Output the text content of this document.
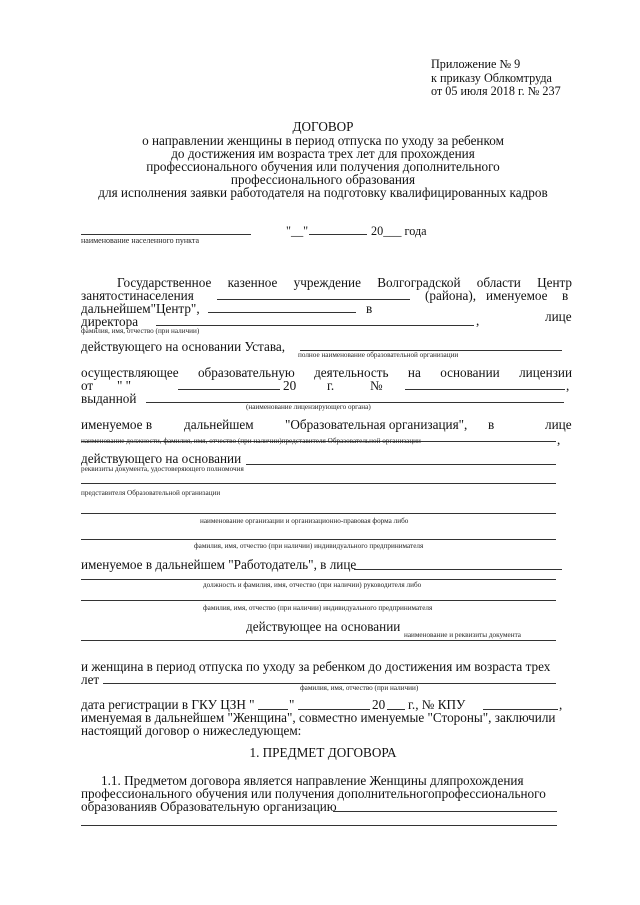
Приложение № 9
к приказу Облкомтруда
от 05 июля 2018 г. № 237
ДОГОВОР
о направлении женщины в период отпуска по уходу за ребенком
до достижения им возраста трех лет для прохождения
профессионального обучения или получения дополнительного
профессионального образования
для исполнения заявки работодателя на подготовку квалифицированных кадров
"__"	20___ года
наименование населенного пункта
Государственное казенное учреждение Волгоградской области Центр
занятостинаселения	(района), именуемое в
дальнейшем"Центр",	в
лице
директора	,
фамилия, имя, отчество (при наличии)
действующего на основании Устава,
полное наименование образовательной организации
осуществляющее образовательную деятельность на основании лицензии
от " "	20 г.	№	,
выданной
(наименование лицензирующего органа)
именуемое в дальнейшем "Образовательная организация", в	лице
наименование должности, фамилия, имя, отчество (при наличии)представителя Образовательной организации	,
действующего на основании
реквизиты документа, удостоверяющего полномочия
представителя Образовательной организации
наименование организации и организационно-правовая форма либо
фамилия, имя, отчество (при наличии) индивидуального предпринимателя
именуемое в дальнейшем "Работодатель", в лице
должность и фамилия, имя, отчество (при наличии) руководителя либо
фамилия, имя, отчество (при наличии) индивидуального предпринимателя
действующее на основании
наименование и реквизиты документа
и женщина в период отпуска по уходу за ребенком до достижения им возраста трех
лет
фамилия, имя, отчество (при наличии)
дата регистрации в ГКУ ЦЗН "	"	20 г., № КПУ	,
именуемая в дальнейшем "Женщина", совместно именуемые "Стороны", заключили
настоящий договор о нижеследующем:
1. ПРЕДМЕТ ДОГОВОРА
1.1. Предметом договора является направление Женщины дляпрохождения
профессионального обучения или получения дополнительногопрофессионального
образованияв Образовательную организацию
